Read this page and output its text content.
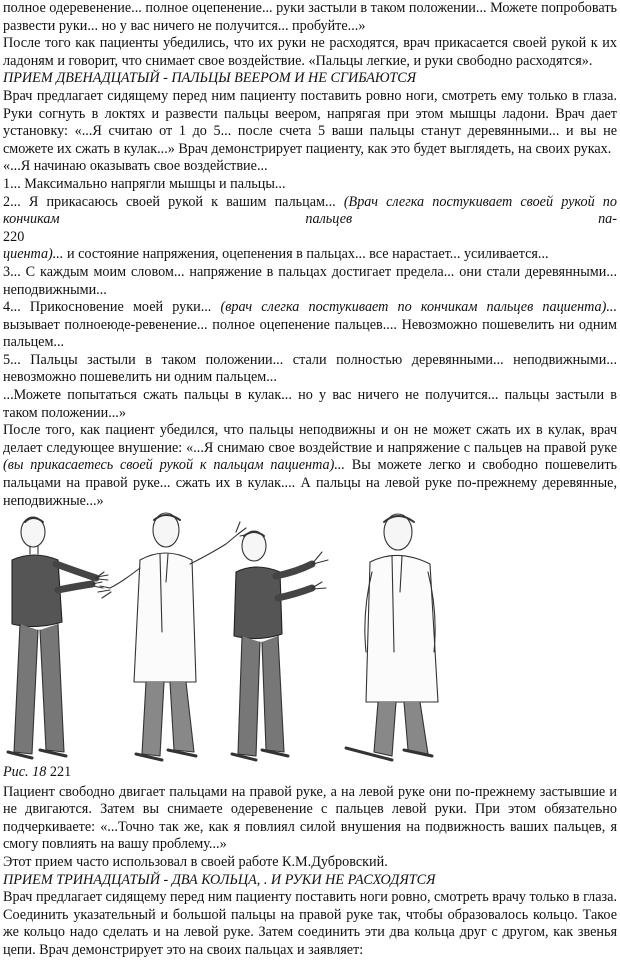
полное одеревенение... полное оцепенение... руки застыли в таком положении... Можете попробовать развести руки... но у вас ничего не получится... пробуйте...»

После того как пациенты убедились, что их руки не расходятся, врач прикасается своей рукой к их ладоням и говорит, что снимает свое воздействие. «Пальцы легкие, и руки свободно расходятся».

ПРИЕМ ДВЕНАДЦАТЫЙ - ПАЛЬЦЫ ВЕЕРОМ И НЕ СГИБАЮТСЯ

Врач предлагает сидящему перед ним пациенту поставить ровно ноги, смотреть ему только в глаза. Руки согнуть в локтях и развести пальцы веером, напрягая при этом мышцы ладони. Врач дает установку: «...Я считаю от 1 до 5... после счета 5 ваши пальцы станут деревянными... и вы не сможете их сжать в кулак...» Врач демонстрирует пациенту, как это будет выглядеть, на своих руках.

«...Я начинаю оказывать свое воздействие...

1... Максимально напрягли мышцы и пальцы...

2... Я прикасаюсь своей рукой к вашим пальцам... (Врач слегка постукивает своей рукой по кончикам пальцев па-

220

циента)... и состояние напряжения, оцепенения в пальцах... все нарастает... усиливается...

3... С каждым моим словом... напряжение в пальцах достигает предела... они стали деревянными... неподвижными...

4... Прикосновение моей руки... (врач слегка постукивает по кончикам пальцев пациента)... вызывает полноеюде-ревенение... полное оцепенение пальцев.... Невозможно пошевелить ни одним пальцем...

5... Пальцы застыли в таком положении... стали полностью деревянными... неподвижными... невозможно пошевелить ни одним пальцем...

...Можете попытаться сжать пальцы в кулак... но у вас ничего не получится... пальцы застыли в таком положении...»

После того, как пациент убедился, что пальцы неподвижны и он не может сжать их в кулак, врач делает следующее внушение: «...Я снимаю свое воздействие и напряжение с пальцев на правой руке (вы прикасаетесь своей рукой к пальцам пациента)... Вы можете легко и свободно пошевелить пальцами на правой руке... сжать их в кулак.... А пальцы на левой руке по-прежнему деревянные, неподвижные...»

Рис. 18 221

Пациент свободно двигает пальцами на правой руке, а на левой руке они по-прежнему застывшие и не двигаются. Затем вы снимаете одеревенение с пальцев левой руки. При этом обязательно подчеркиваете: «...Точно так же, как я повлиял силой внушения на подвижность ваших пальцев, я смогу повлиять на вашу проблему...»

Этот прием часто использовал в своей работе К.М.Дубровский.

ПРИЕМ ТРИНАДЦАТЫЙ - ДВА КОЛЬЦА, . И РУКИ НЕ РАСХОДЯТСЯ

Врач предлагает сидящему перед ним пациенту поставить ноги ровно, смотреть врачу только в глаза. Соединить указательный и большой пальцы на правой руке так, чтобы образовалось кольцо. Такое же кольцо надо сделать и на левой руке. Затем соединить эти два кольца друг с другом, как звенья цепи. Врач демонстрирует это на своих пальцах и заявляет:
